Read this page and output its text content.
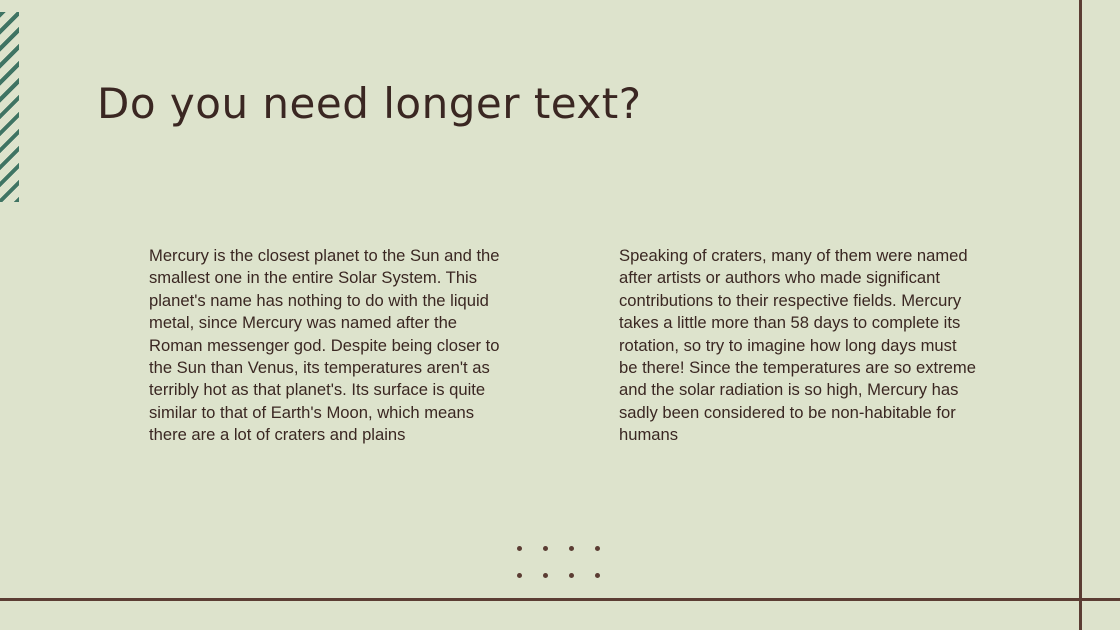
Do you need longer text?

Mercury is the closest planet to the Sun and the smallest one in the entire Solar System. This planet's name has nothing to do with the liquid metal, since Mercury was named after the Roman messenger god. Despite being closer to the Sun than Venus, its temperatures aren't as terribly hot as that planet's. Its surface is quite similar to that of Earth's Moon, which means there are a lot of craters and plains

Speaking of craters, many of them were named after artists or authors who made significant contributions to their respective fields. Mercury takes a little more than 58 days to complete its rotation, so try to imagine how long days must be there! Since the temperatures are so extreme and the solar radiation is so high, Mercury has sadly been considered to be non-habitable for humans
